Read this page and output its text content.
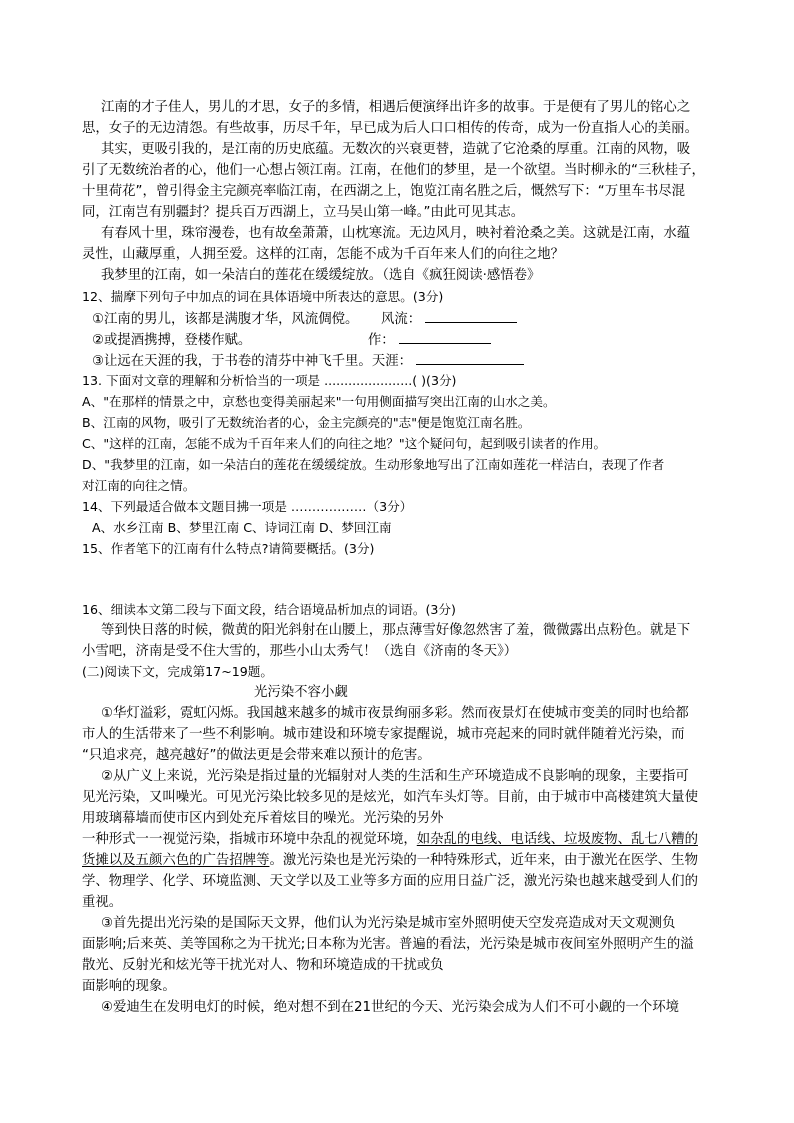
江南的才子佳人，男儿的才思，女子的多情，相遇后便演绎出许多的故事。于是便有了男儿的铭心之
思，女子的无边清怨。有些故事，历尽千年，早已成为后人口口相传的传奇，成为一份直指人心的美丽。
其实，更吸引我的，是江南的历史底蕴。无数次的兴衰更替，造就了它沧桑的厚重。江南的风物，吸
引了无数统治者的心，他们一心想占领江南。江南，在他们的梦里，是一个欲望。当时柳永的“三秋桂子，
十里荷花”，曾引得金主完颜亮率临江南，在西湖之上，饱览江南名胜之后，慨然写下：“万里车书尽混
同，江南岂有别疆封？提兵百万西湖上，立马吴山第一峰。”由此可见其志。
有春风十里，珠帘漫卷，也有故垒萧萧，山枕寒流。无边风月，映衬着沧桑之美。这就是江南，水蕴
灵性，山藏厚重，人拥至爱。这样的江南，怎能不成为千百年来人们的向往之地？
我梦里的江南，如一朵洁白的莲花在缓缓绽放。（选自《疯狂阅读·感悟卷》
12、揣摩下列句子中加点的词在具体语境中所表达的意思。(3分)
①江南的男儿，该都是满腹才华，风流倜傥。 风流：
②或提酒携搏，登楼作赋。	作：
③让远在天涯的我，于书卷的清芬中神飞千里。天涯：
13. 下面对文章的理解和分析恰当的一项是 ......................( )(3分)
A、"在那样的情景之中，京愁也变得美丽起来"一句用侧面描写突出江南的山水之美。
B、江南的风物，吸引了无数统治者的心，金主完颜亮的"志"便是饱览江南名胜。
C、"这样的江南，怎能不成为千百年来人们的向往之地？"这个疑问句，起到吸引读者的作用。
D、"我梦里的江南，如一朵洁白的莲花在缓缓绽放。生动形象地写出了江南如莲花一样洁白，表现了作者
对江南的向往之情。
14、下列最适合做本文题目拂一项是 ………………（3分）
A、水乡江南 B、梦里江南 C、诗词江南 D、梦回江南
15、作者笔下的江南有什么特点?请简要概括。(3分)
16、细读本文第二段与下面文段，结合语境品析加点的词语。(3分)
等到快日落的时候，微黄的阳光斜射在山腰上，那点薄雪好像忽然害了羞，微微露出点粉色。就是下
小雪吧，济南是受不住大雪的，那些小山太秀气！（选自《济南的冬天》）
(二)阅读下文，完成第17~19题。
光污染不容小觑
①华灯溢彩，霓虹闪烁。我国越来越多的城市夜景绚丽多彩。然而夜景灯在使城市变美的同时也给都
市人的生活带来了一些不利影响。城市建设和环境专家提醒说，城市亮起来的同时就伴随着光污染，而
“只追求亮，越亮越好”的做法更是会带来难以预计的危害。
②从广义上来说，光污染是指过量的光辐射对人类的生活和生产环境造成不良影响的现象，主要指可
见光污染，又叫噪光。可见光污染比较多见的是炫光，如汽车头灯等。目前，由于城市中高楼建筑大量使
用玻璃幕墙而使市区内到处充斥着炫目的噪光。光污染的另外
一种形式一一视觉污染，指城市环境中杂乱的视觉环境，如杂乱的电线、电话线、垃圾废物、乱七八糟的
货摊以及五颜六色的广告招牌等。激光污染也是光污染的一种特殊形式，近年来，由于激光在医学、生物
学、物理学、化学、环境监测、天文学以及工业等多方面的应用日益广泛，激光污染也越来越受到人们的
重视。
③首先提出光污染的是国际天文界，他们认为光污染是城市室外照明使天空发亮造成对天文观测负
面影响;后来英、美等国称之为干扰光;日本称为光害。普遍的看法，光污染是城市夜间室外照明产生的溢
散光、反射光和炫光等干扰光对人、物和环境造成的干扰或负
面影响的现象。
④爱迪生在发明电灯的时候，绝对想不到在21世纪的今天、光污染会成为人们不可小觑的一个环境
